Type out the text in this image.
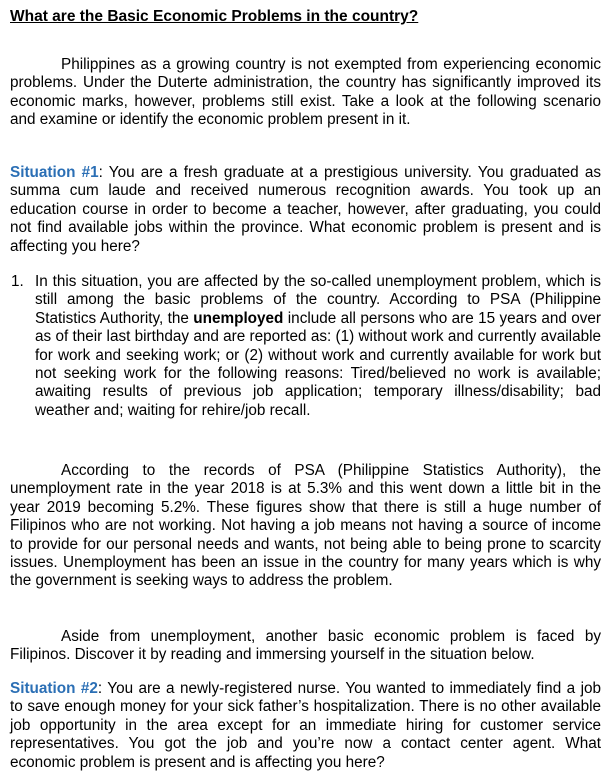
What are the Basic Economic Problems in the country?

Philippines as a growing country is not exempted from experiencing economic problems. Under the Duterte administration, the country has significantly improved its economic marks, however, problems still exist. Take a look at the following scenario and examine or identify the economic problem present in it.

Situation #1: You are a fresh graduate at a prestigious university. You graduated as summa cum laude and received numerous recognition awards. You took up an education course in order to become a teacher, however, after graduating, you could not find available jobs within the province. What economic problem is present and is affecting you here?

1. In this situation, you are affected by the so-called unemployment problem, which is still among the basic problems of the country. According to PSA (Philippine Statistics Authority, the unemployed include all persons who are 15 years and over as of their last birthday and are reported as: (1) without work and currently available for work and seeking work; or (2) without work and currently available for work but not seeking work for the following reasons: Tired/believed no work is available; awaiting results of previous job application; temporary illness/disability; bad weather and; waiting for rehire/job recall.

According to the records of PSA (Philippine Statistics Authority), the unemployment rate in the year 2018 is at 5.3% and this went down a little bit in the year 2019 becoming 5.2%. These figures show that there is still a huge number of Filipinos who are not working. Not having a job means not having a source of income to provide for our personal needs and wants, not being able to being prone to scarcity issues. Unemployment has been an issue in the country for many years which is why the government is seeking ways to address the problem.

Aside from unemployment, another basic economic problem is faced by Filipinos. Discover it by reading and immersing yourself in the situation below.

Situation #2: You are a newly-registered nurse. You wanted to immediately find a job to save enough money for your sick father’s hospitalization. There is no other available job opportunity in the area except for an immediate hiring for customer service representatives. You got the job and you’re now a contact center agent. What economic problem is present and is affecting you here?
